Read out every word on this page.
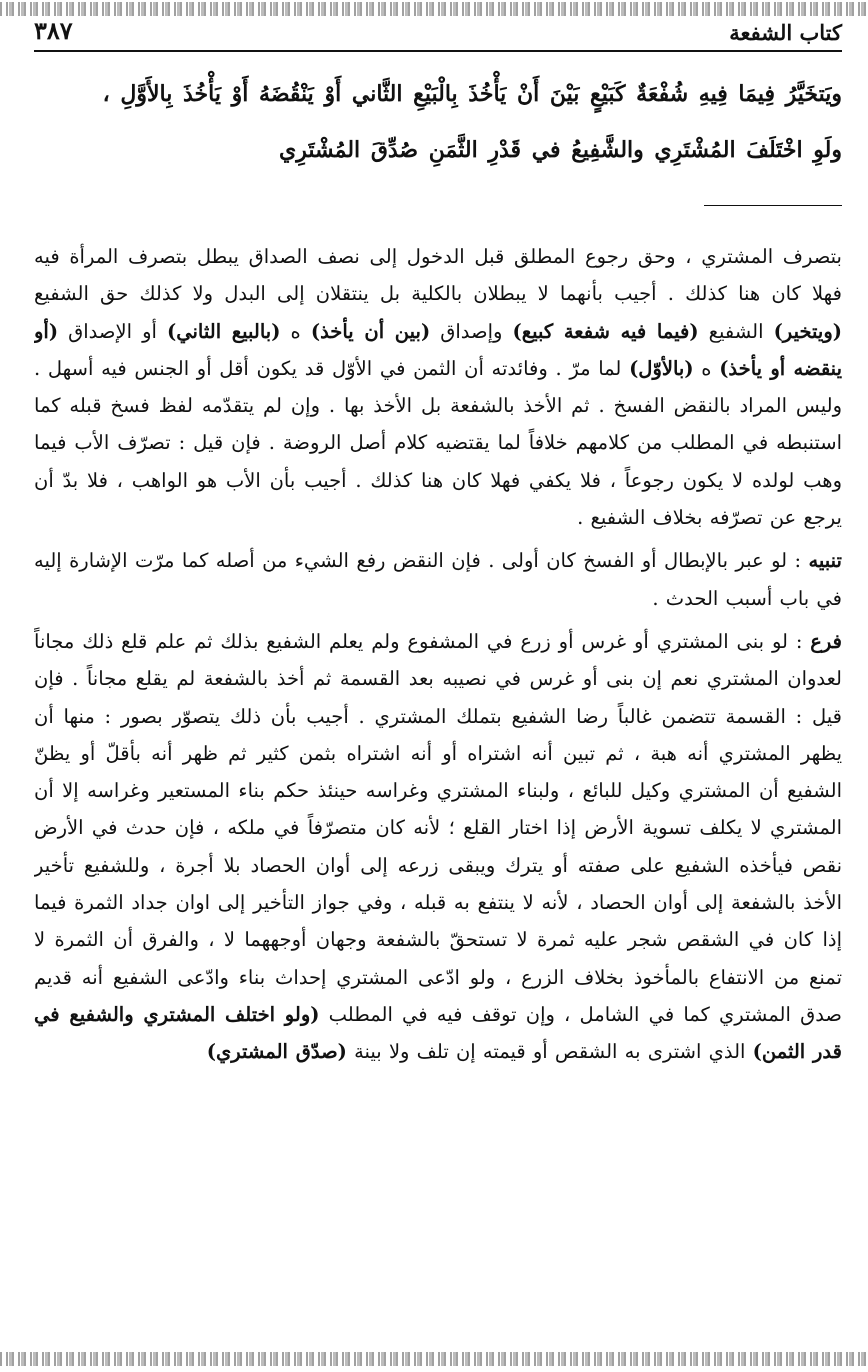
كتاب الشفعة
٣٨٧
ويَتخَيَّرُ فِيمَا فِيهِ شُفْعَةٌ كَبَيْعٍ بَيْنَ أَنْ يَأْخُذَ بِالْبَيْعِ الثَّاني أَوْ يَنْقُضَهُ أَوْ يَأْخُذَ بِالأَوَّلِ ،
ولَوِ اخْتَلَفَ المُشْتَرِي والشَّفِيعُ في قَدْرِ الثَّمَنِ صُدِّقَ المُشْتَرِي

بتصرف المشتري ، وحق رجوع المطلق قبل الدخول إلى نصف الصداق يبطل بتصرف المرأة فيه فهلا كان هنا كذلك . أجيب بأنهما لا يبطلان بالكلية بل ينتقلان إلى البدل ولا كذلك حق الشفيع (ويتخير) الشفيع (فيما فيه شفعة كبيع) وإصداق (بين أن يأخذ) ه (بالبيع الثاني) أو الإصداق (أو ينقضه أو يأخذ) ه (بالأوّل) لما مرّ . وفائدته أن الثمن في الأوّل قد يكون أقل أو الجنس فيه أسهل . وليس المراد بالنقض الفسخ . ثم الأخذ بالشفعة بل الأخذ بها . وإن لم يتقدّمه لفظ فسخ قبله كما استنبطه في المطلب من كلامهم خلافاً لما يقتضيه كلام أصل الروضة . فإن قيل : تصرّف الأب فيما وهب لولده لا يكون رجوعاً ، فلا يكفي فهلا كان هنا كذلك . أجيب بأن الأب هو الواهب ، فلا بدّ أن يرجع عن تصرّفه بخلاف الشفيع .

تنبيه : لو عبر بالإبطال أو الفسخ كان أولى . فإن النقض رفع الشيء من أصله كما مرّت الإشارة إليه في باب أسبب الحدث .

فرع : لو بنى المشتري أو غرس أو زرع في المشفوع ولم يعلم الشفيع بذلك ثم علم قلع ذلك مجاناً لعدوان المشتري نعم إن بنى أو غرس في نصيبه بعد القسمة ثم أخذ بالشفعة لم يقلع مجاناً . فإن قيل : القسمة تتضمن غالباً رضا الشفيع بتملك المشتري . أجيب بأن ذلك يتصوّر بصور : منها أن يظهر المشتري أنه هبة ، ثم تبين أنه اشتراه أو أنه اشتراه بثمن كثير ثم ظهر أنه بأقلّ أو يظنّ الشفيع أن المشتري وكيل للبائع ، ولبناء المشتري وغراسه حينئذ حكم بناء المستعير وغراسه إلا أن المشتري لا يكلف تسوية الأرض إذا اختار القلع ؛ لأنه كان متصرّفاً في ملكه ، فإن حدث في الأرض نقص فيأخذه الشفيع على صفته أو يترك ويبقى زرعه إلى أوان الحصاد بلا أجرة ، وللشفيع تأخير الأخذ بالشفعة إلى أوان الحصاد ، لأنه لا ينتفع به قبله ، وفي جواز التأخير إلى اوان جداد الثمرة فيما إذا كان في الشقص شجر عليه ثمرة لا تستحقّ بالشفعة وجهان أوجههما لا ، والفرق أن الثمرة لا تمنع من الانتفاع بالمأخوذ بخلاف الزرع ، ولو ادّعى المشتري إحداث بناء وادّعى الشفيع أنه قديم صدق المشتري كما في الشامل ، وإن توقف فيه في المطلب (ولو اختلف المشتري والشفيع في قدر الثمن) الذي اشترى به الشقص أو قيمته إن تلف ولا بينة (صدّق المشتري)
